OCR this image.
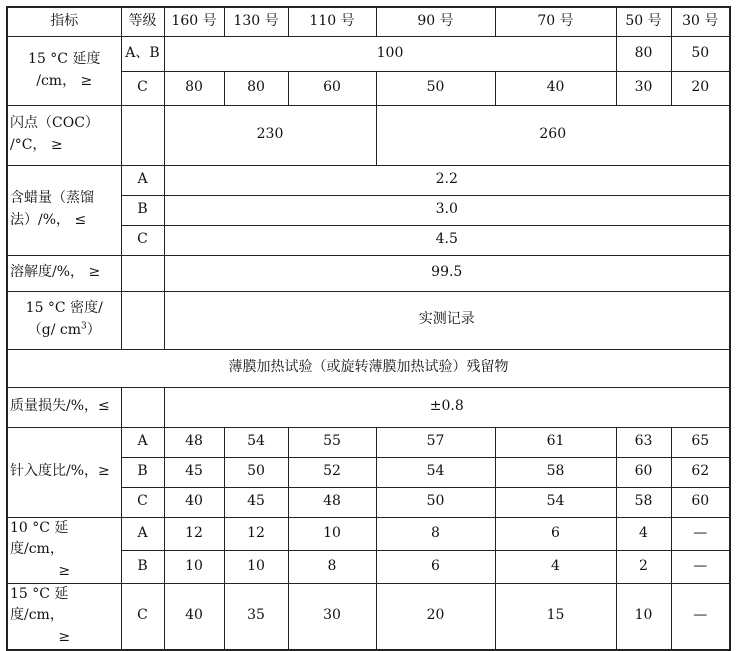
指标	等级	160 号	130 号	110 号	90 号	70 号	50 号	30 号

15 °C 延度
/cm， ≥	A、B	100					80	50
	C	80	80	60	50	40	30	20

闪点（COC）
/°C， ≥		230			260			

含蜡量（蒸馏
法）/%， ≤	A	2.2						
	B	3.0						
	C	4.5						
溶解度/%， ≥		99.5						

15 °C 密度/
（g/ $cm^3$）		实测记录						
薄膜加热试验（或旋转薄膜加热试验）残留物								
质量损失/%，≤		±0.8						
针入度比/%，≥	A	48	54	55	57	61	63	65
	B	45	50	52	54	58	60	62
	C	40	45	48	50	54	58	60

10 °C 延度/cm，
≥	A	12	12	10	8	6	4	—
	B	10	10	8	6	4	2	—

15 °C 延度/cm，
≥	C	40	35	30	20	15	10	—
